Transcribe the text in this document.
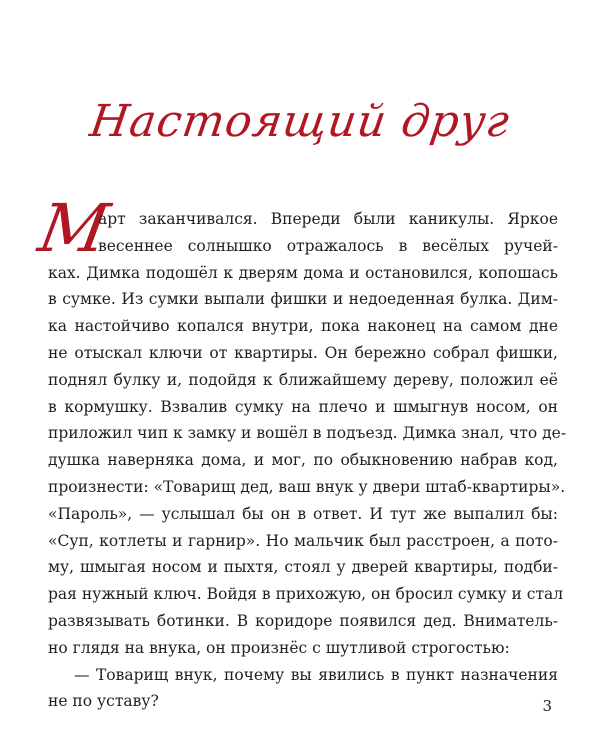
Настоящий друг
М
арт заканчивался. Впереди были каникулы. Яркое
весеннее солнышко отражалось в весёлых ручей-
ках. Димка подошёл к дверям дома и остановился, копошась
в сумке. Из сумки выпали фишки и недоеденная булка. Дим-
ка настойчиво копался внутри, пока наконец на самом дне
не отыскал ключи от квартиры. Он бережно собрал фишки,
поднял булку и, подойдя к ближайшему дереву, положил её
в кормушку. Взвалив сумку на плечо и шмыгнув носом, он
приложил чип к замку и вошёл в подъезд. Димка знал, что де-
душка наверняка дома, и мог, по обыкновению набрав код,
произнести: «Товарищ дед, ваш внук у двери штаб-квартиры».
«Пароль», — услышал бы он в ответ. И тут же выпалил бы:
«Суп, котлеты и гарнир». Но мальчик был расстроен, а пото-
му, шмыгая носом и пыхтя, стоял у дверей квартиры, подби-
рая нужный ключ. Войдя в прихожую, он бросил сумку и стал
развязывать ботинки. В коридоре появился дед. Вниматель-
но глядя на внука, он произнёс с шутливой строгостью:
— Товарищ внук, почему вы явились в пункт назначения
не по уставу?	3
